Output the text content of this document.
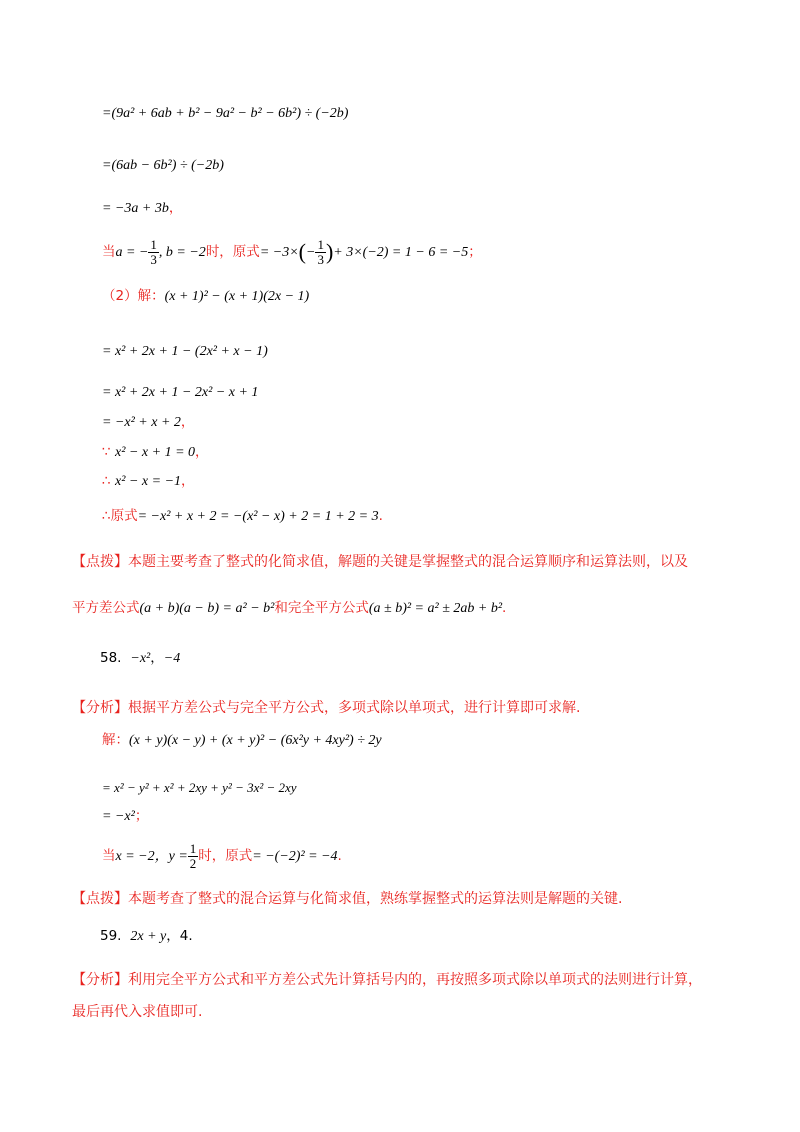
=(9a² + 6ab + b² − 9a² − b² − 6b²) ÷ (−2b)
=(6ab − 6b²) ÷ (−2b)
= −3a + 3b，
当a = − $\frac{1}{3}$ , b = −2时，原式= $-3\times(- \frac{1}{3}$ )+ 3×(−2) = 1 − 6 = −5；
（2）解：(x + 1)² − (x + 1)(2x − 1)
= x² + 2x + 1 − (2x² + x − 1)
= x² + 2x + 1 − 2x² − x + 1
= −x² + x + 2，
∵ x² − x + 1 = 0，
∴ x² − x = −1，
∴原式= −x² + x + 2 = −(x² − x) + 2 = 1 + 2 = 3.
【点拨】本题主要考查了整式的化简求值，解题的关键是掌握整式的混合运算顺序和运算法则，以及
平方差公式(a + b)(a − b) = a² − b²和完全平方公式(a ± b)² = a² ± 2ab + b².
58. −x²，−4
【分析】根据平方差公式与完全平方公式，多项式除以单项式，进行计算即可求解.
解：(x + y)(x − y) + (x + y)² − (6x²y + 4xy²) ÷ 2y
= x² − y² + x² + 2xy + y² − 3x² − 2xy
= −x²；
当x = −2，$y = \frac{1}{2}$ 时，原式= −(−2)² = −4.
【点拨】本题考查了整式的混合运算与化简求值，熟练掌握整式的运算法则是解题的关键.
59. 2x + y，4.
【分析】利用完全平方公式和平方差公式先计算括号内的，再按照多项式除以单项式的法则进行计算，
最后再代入求值即可.
